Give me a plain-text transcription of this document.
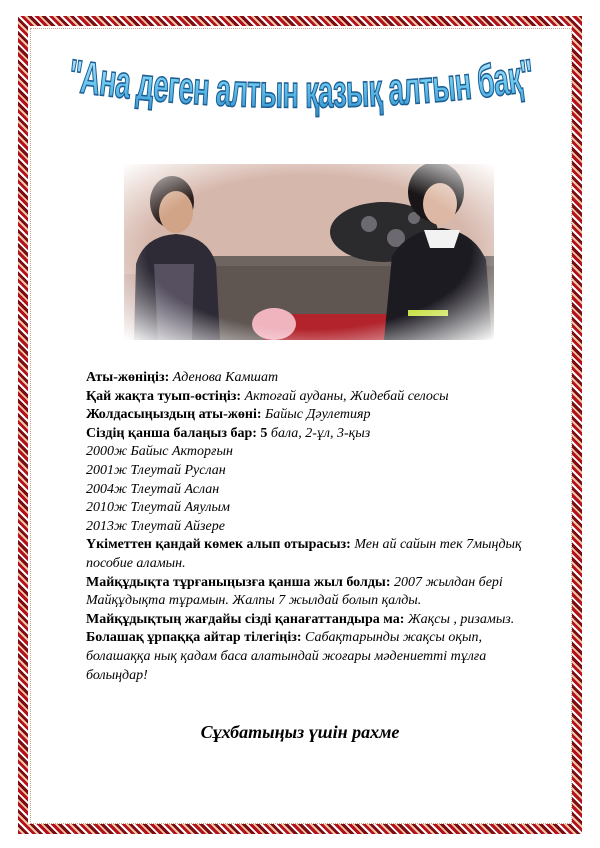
"Ана деген алтын қазық алтын бақ"

Аты-жөніңіз: Аденова Камшат

Қай жақта туып-өстіңіз: Актоғай ауданы, Жидебай селосы

Жолдасыңыздың аты-жөні: Байыс Дәулетияр

Сіздің қанша балаңыз бар: 5 бала, 2-ұл, 3-қыз

2000ж Байыс Акторғын

2001ж Тлеутай Руслан

2004ж Тлеутай Аслан

2010ж Тлеутай Аяулым

2013ж Тлеутай Айзере

Үкіметтен қандай көмек алып отырасыз: Мен ай сайын тек 7мыңдық пособие аламын.

Майқұдықта тұрғаныңызға қанша жыл болды: 2007 жылдан бері Майқұдықта тұрамын. Жалпы 7 жылдай болып қалды.

Майқұдықтың жағдайы сізді қанағаттандыра ма: Жақсы , ризамыз.

Болашақ ұрпаққа айтар тілегіңіз: Сабақтарынды жақсы оқып, болашаққа нық қадам баса алатындай жоғары мәдениетті тұлға болыңдар!

Сұхбатыңыз үшін рахме
